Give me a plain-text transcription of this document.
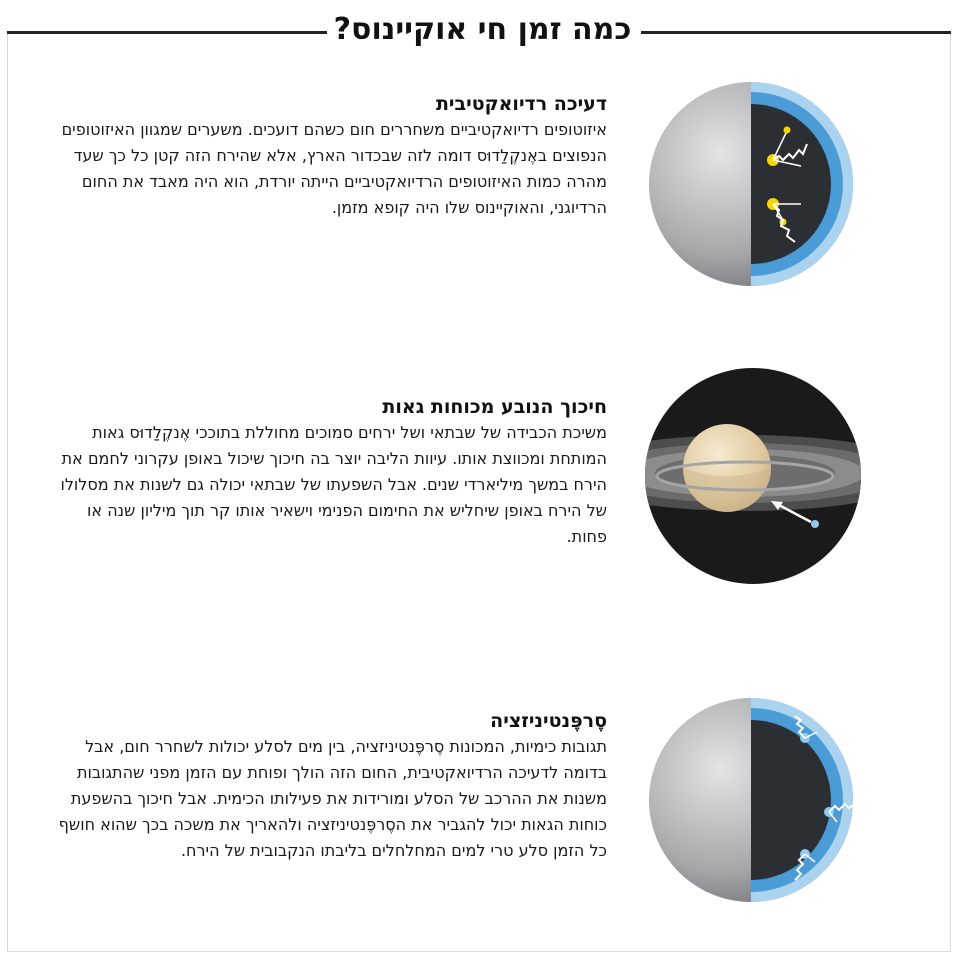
כמה זמן חי אוקיינוס?
דעיכה רדיואקטיבית

איזוטופים רדיואקטיביים משחררים חום כשהם דועכים. משערים שמגוון האיזוטופים הנפוצים באֶנקֶלַדוּס דומה לזה שבכדור הארץ, אלא שהירח הזה קטן כל כך שעד מהרה כמות האיזוטופים הרדיואקטיביים הייתה יורדת, הוא היה מאבד את החום הרדיוגני, והאוקיינוס שלו היה קופא מזמן.

חיכוך הנובע מכוחות גאות

משיכת הכבידה של שבתאי ושל ירחים סמוכים מחוללת בתוככי אֶנקֶלַדוּס גאות המותחת ומכווצת אותו. עיוות הליבה יוצר בה חיכוך שיכול באופן עקרוני לחמם את הירח במשך מיליארדי שנים. אבל השפעתו של שבתאי יכולה גם לשנות את מסלולו של הירח באופן שיחליש את החימום הפנימי וישאיר אותו קר תוך מיליון שנה או פחות.

סֶרפֶּנטיניזציה

תגובות כימיות, המכונות סֶרפֶּנטיניזציה, בין מים לסלע יכולות לשחרר חום, אבל בדומה לדעיכה הרדיואקטיבית, החום הזה הולך ופוחת עם הזמן מפני שהתגובות משנות את ההרכב של הסלע ומורידות את פעילותו הכימית. אבל חיכוך בהשפעת כוחות הגאות יכול להגביר את הסֶרפֶּנטיניזציה ולהאריך את משכה בכך שהוא חושף כל הזמן סלע טרי למים המחלחלים בליבתו הנקבובית של הירח.
